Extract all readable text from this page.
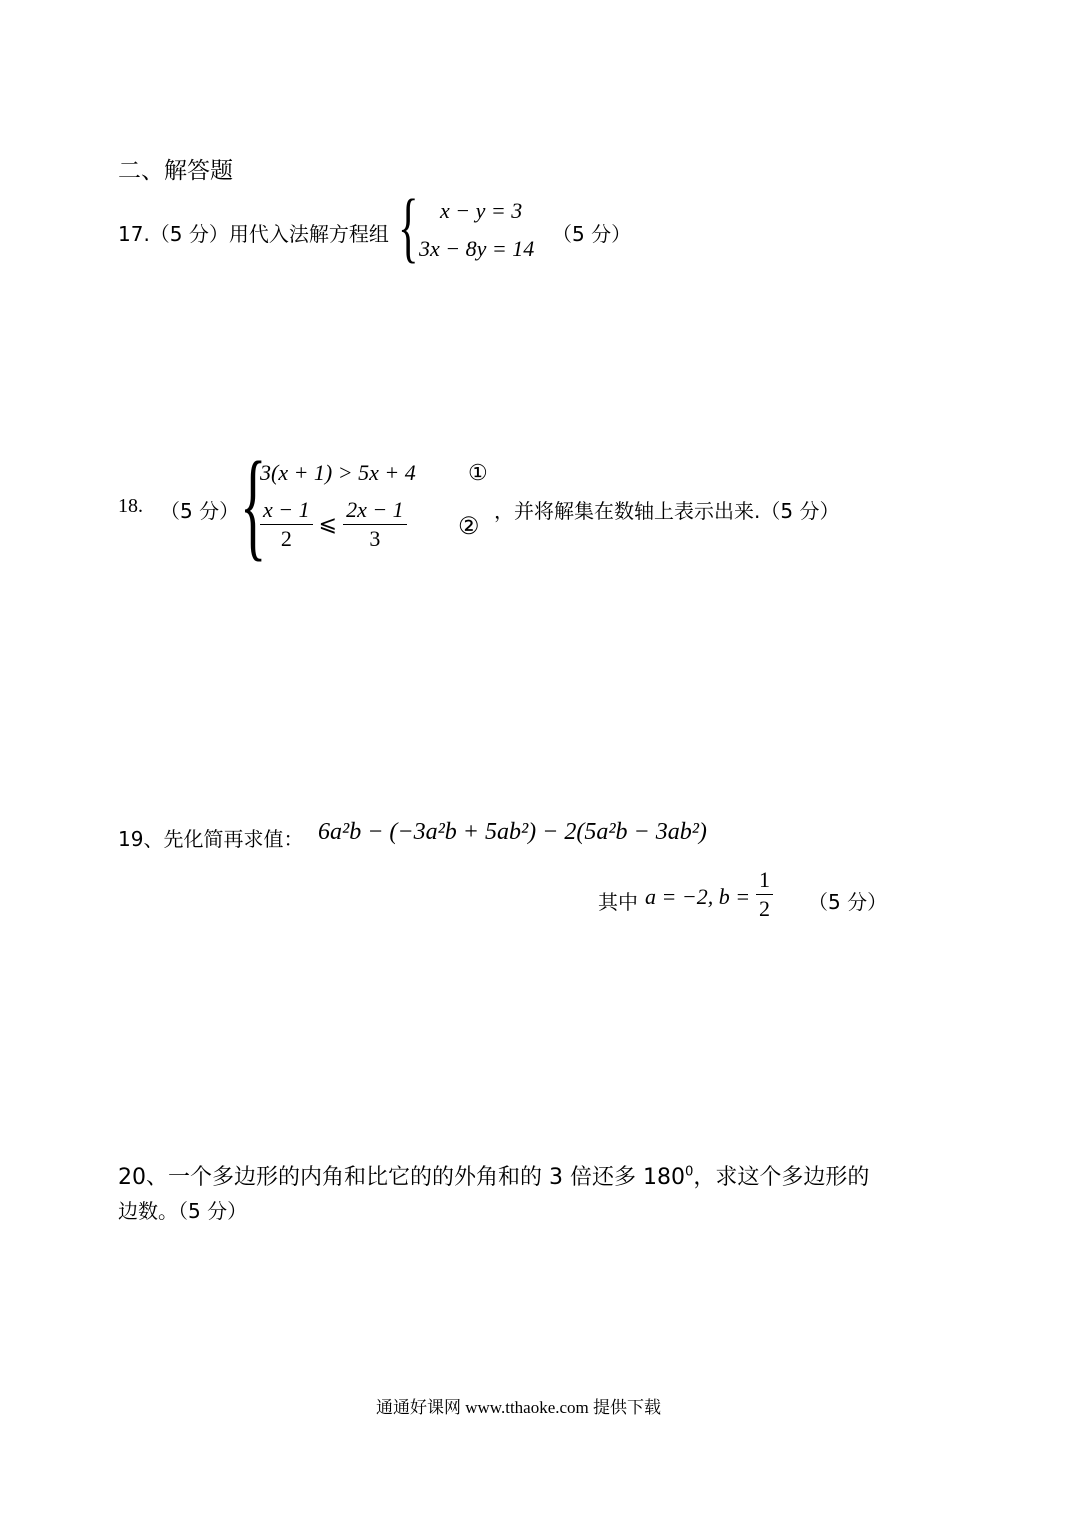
二、解答题
17.（5 分）用代入法解方程组 { x − y = 3
3x − 8y = 14
（5 分）
18. （5 分） {
3(x + 1) > 5x + 4 ①
$\frac{x - 1}{2}$ ⩽ $\frac{2x - 1}{3}$ ②
，并将解集在数轴上表示出来.（5 分）
19、先化简再求值： 6a²b − (−3a²b + 5ab²) − 2(5a²b − 3ab²)
其中 a = −2, $b = \frac{1}{2} (5$ 分）
20、一个多边形的内角和比它的的外角和的 3 倍还多 $180^0$，求这个多边形的
边数。（5 分）
通通好课网 www.tthaoke.com 提供下载
